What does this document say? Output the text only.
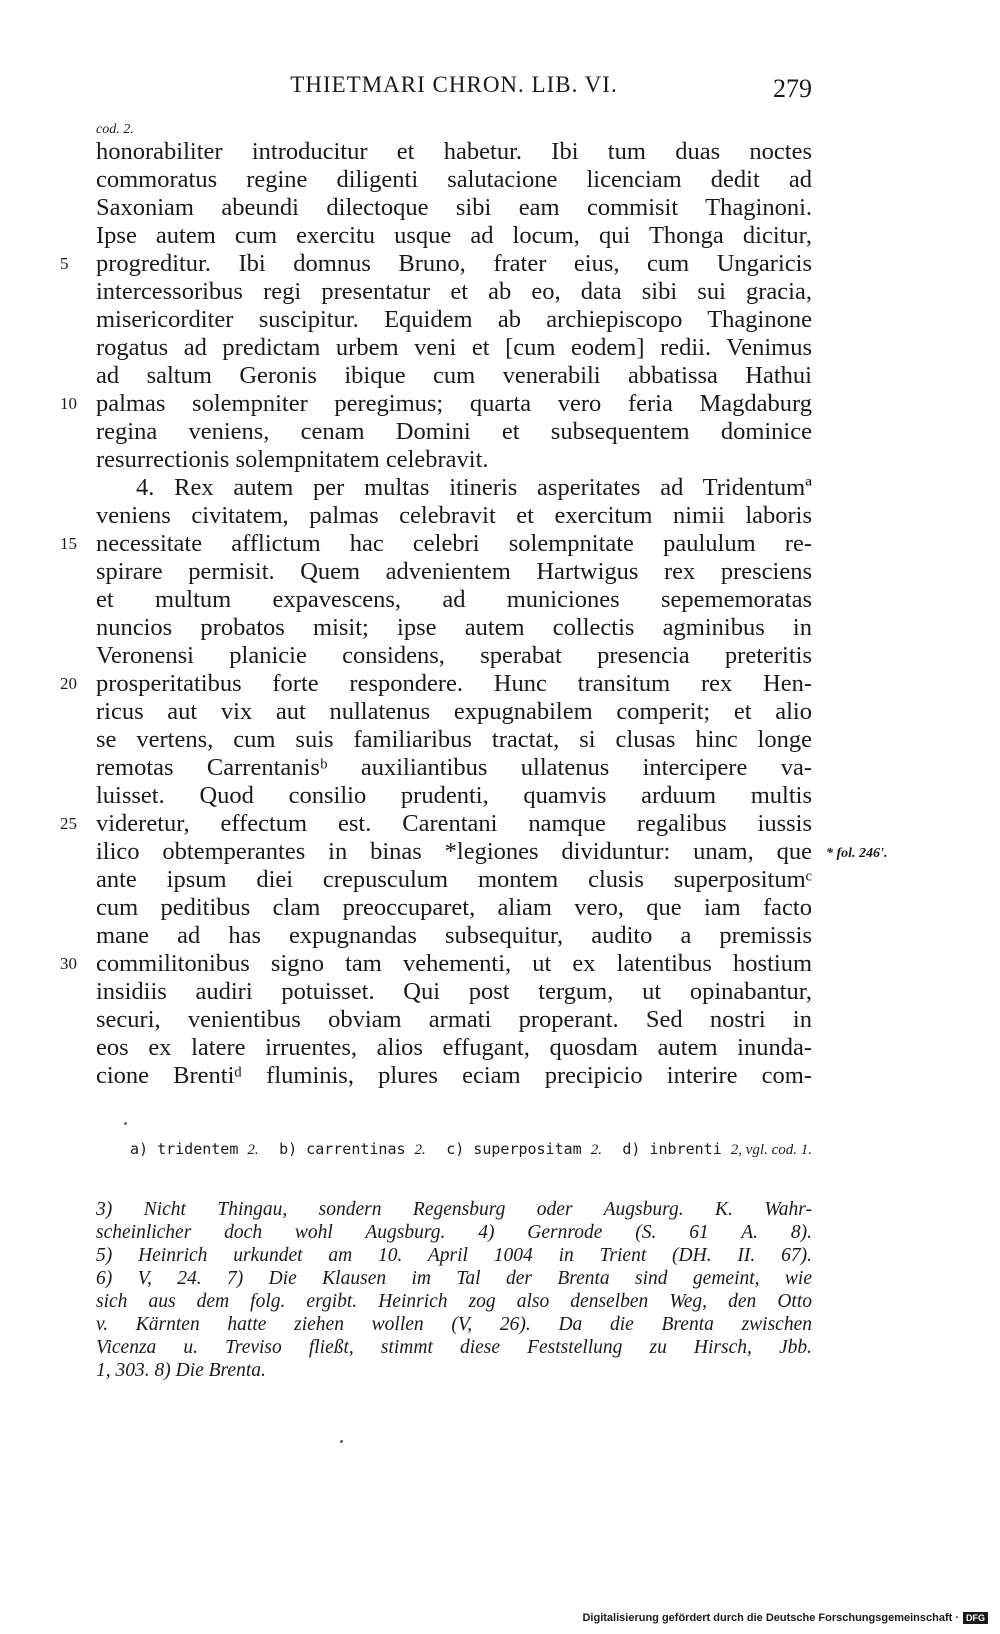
THIETMARI CHRON. LIB. VI.	279
cod. 2.
honorabiliter introducitur et habetur. Ibi tum duas noctes
commoratus regine diligenti salutacione licenciam dedit ad
Saxoniam abeundi dilectoque sibi eam commisit Thaginoni.
Ipse autem cum exercitu usque ad locum, qui Thonga dicitur,
progreditur. Ibi domnus Bruno, frater eius, cum Ungaricis
intercessoribus regi presentatur et ab eo, data sibi sui gracia,
misericorditer suscipitur. Equidem ab archiepiscopo Thaginone
rogatus ad predictam urbem veni et [cum eodem] redii. Venimus
ad saltum Geronis ibique cum venerabili abbatissa Hathui
palmas solempniter peregimus; quarta vero feria Magdaburg
regina veniens, cenam Domini et subsequentem dominice
resurrectionis solempnitatem celebravit.
4. Rex autem per multas itineris asperitates ad Tridentumª
veniens civitatem, palmas celebravit et exercitum nimii laboris
necessitate afflictum hac celebri solempnitate paululum re-
spirare permisit. Quem advenientem Hartwigus rex presciens
et multum expavescens, ad municiones sepememoratas
nuncios probatos misit; ipse autem collectis agminibus in
Veronensi planicie considens, sperabat presencia preteritis
prosperitatibus forte respondere. Hunc transitum rex Hen-
ricus aut vix aut nullatenus expugnabilem comperit; et alio
se vertens, cum suis familiaribus tractat, si clusas hinc longe
remotas Carrentanisᵇ auxiliantibus ullatenus intercipere va-
luisset. Quod consilio prudenti, quamvis arduum multis
videretur, effectum est. Carentani namque regalibus iussis
ilico obtemperantes in binas *legiones dividuntur: unam, que
ante ipsum diei crepusculum montem clusis superpositumᶜ
cum peditibus clam preoccuparet, aliam vero, que iam facto
mane ad has expugnandas subsequitur, audito a premissis
commilitonibus signo tam vehementi, ut ex latentibus hostium
insidiis audiri potuisset. Qui post tergum, ut opinabantur,
securi, venientibus obviam armati properant. Sed nostri in
eos ex latere irruentes, alios effugant, quosdam autem inunda-
cione Brentiᵈ fluminis, plures eciam precipicio interire com-
5
10
15
20
25
30
* fol. 246'.
a) tridentem 2. b) carrentinas 2. c) superpositam 2. d) inbrenti 2, vgl. cod. 1.
3) Nicht Thingau, sondern Regensburg oder Augsburg. K. Wahr-
scheinlicher doch wohl Augsburg. 4) Gernrode (S. 61 A. 8).
5) Heinrich urkundet am 10. April 1004 in Trient (DH. II. 67).
6) V, 24. 7) Die Klausen im Tal der Brenta sind gemeint, wie
sich aus dem folg. ergibt. Heinrich zog also denselben Weg, den Otto
v. Kärnten hatte ziehen wollen (V, 26). Da die Brenta zwischen
Vicenza u. Treviso fließt, stimmt diese Feststellung zu Hirsch, Jbb.
1, 303. 8) Die Brenta.
Digitalisierung gefördert durch die Deutsche Forschungsgemeinschaft · DFG
